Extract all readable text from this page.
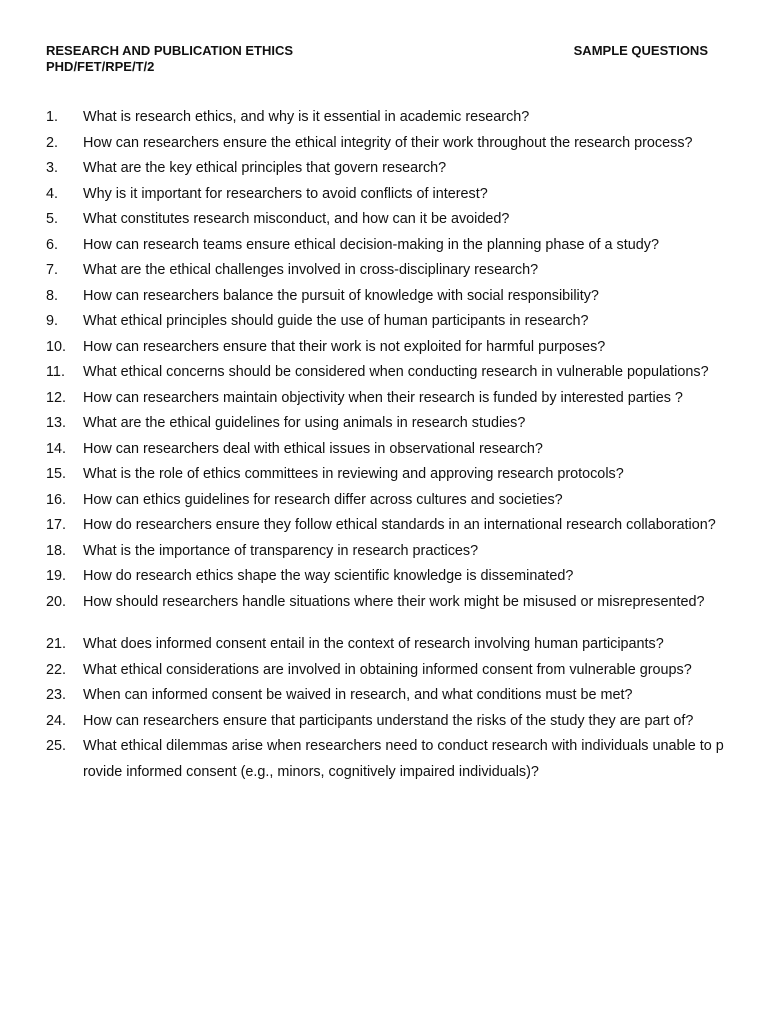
RESEARCH AND PUBLICATION ETHICS	SAMPLE QUESTIONS
PHD/FET/RPE/T/2
1.	What is research ethics, and why is it essential in academic research?
2.	How can researchers ensure the ethical integrity of their work throughout the research process?
3.	What are the key ethical principles that govern research?
4.	Why is it important for researchers to avoid conflicts of interest?
5.	What constitutes research misconduct, and how can it be avoided?
6.	How can research teams ensure ethical decision-making in the planning phase of a study?
7.	What are the ethical challenges involved in cross-disciplinary research?
8.	How can researchers balance the pursuit of knowledge with social responsibility?
9.	What ethical principles should guide the use of human participants in research?
10.	How can researchers ensure that their work is not exploited for harmful purposes?
11.	What ethical concerns should be considered when conducting research in vulnerable populations?
12.	How can researchers maintain objectivity when their research is funded by interested parties ?
13.	What are the ethical guidelines for using animals in research studies?
14.	How can researchers deal with ethical issues in observational research?
15.	What is the role of ethics committees in reviewing and approving research protocols?
16.	How can ethics guidelines for research differ across cultures and societies?
17.	How do researchers ensure they follow ethical standards in an international research collaboration?
18.	What is the importance of transparency in research practices?
19.	How do research ethics shape the way scientific knowledge is disseminated?
20.	How should researchers handle situations where their work might be misused or misrepresented?
21.	What does informed consent entail in the context of research involving human participants?
22.	What ethical considerations are involved in obtaining informed consent from vulnerable groups?
23.	When can informed consent be waived in research, and what conditions must be met?
24.	How can researchers ensure that participants understand the risks of the study they are part of?
25.	What ethical dilemmas arise when researchers need to conduct research with individuals unable to provide informed consent (e.g., minors, cognitively impaired individuals)?
